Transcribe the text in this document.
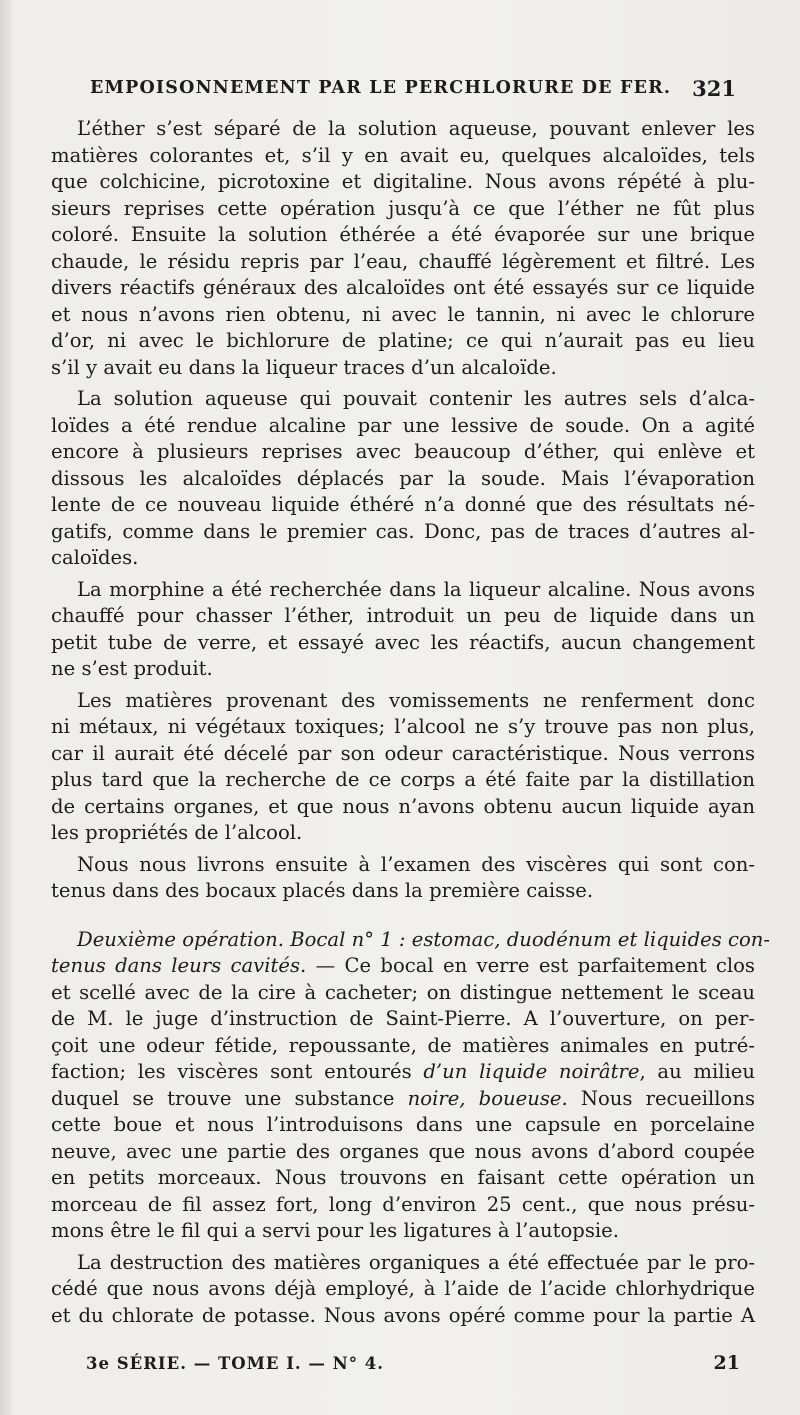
EMPOISONNEMENT PAR LE PERCHLORURE DE FER. 321

L’éther s’est séparé de la solution aqueuse, pouvant enlever les
matières colorantes et, s’il y en avait eu, quelques alcaloïdes, tels
que colchicine, picrotoxine et digitaline. Nous avons répété à plu-
sieurs reprises cette opération jusqu’à ce que l’éther ne fût plus
coloré. Ensuite la solution éthérée a été évaporée sur une brique
chaude, le résidu repris par l’eau, chauffé légèrement et filtré. Les
divers réactifs généraux des alcaloïdes ont été essayés sur ce liquide
et nous n’avons rien obtenu, ni avec le tannin, ni avec le chlorure
d’or, ni avec le bichlorure de platine; ce qui n’aurait pas eu lieu
s’il y avait eu dans la liqueur traces d’un alcaloïde.

La solution aqueuse qui pouvait contenir les autres sels d’alca-
loïdes a été rendue alcaline par une lessive de soude. On a agité
encore à plusieurs reprises avec beaucoup d’éther, qui enlève et
dissous les alcaloïdes déplacés par la soude. Mais l’évaporation
lente de ce nouveau liquide éthéré n’a donné que des résultats né-
gatifs, comme dans le premier cas. Donc, pas de traces d’autres al-
caloïdes.

La morphine a été recherchée dans la liqueur alcaline. Nous avons
chauffé pour chasser l’éther, introduit un peu de liquide dans un
petit tube de verre, et essayé avec les réactifs, aucun changement
ne s’est produit.

Les matières provenant des vomissements ne renferment donc
ni métaux, ni végétaux toxiques; l’alcool ne s’y trouve pas non plus,
car il aurait été décelé par son odeur caractéristique. Nous verrons
plus tard que la recherche de ce corps a été faite par la distillation
de certains organes, et que nous n’avons obtenu aucun liquide ayan
les propriétés de l’alcool.

Nous nous livrons ensuite à l’examen des viscères qui sont con-
tenus dans des bocaux placés dans la première caisse.

Deuxième opération. Bocal n° 1 : estomac, duodénum et liquides con-
tenus dans leurs cavités. — Ce bocal en verre est parfaitement clos
et scellé avec de la cire à cacheter; on distingue nettement le sceau
de M. le juge d’instruction de Saint-Pierre. A l’ouverture, on per-
çoit une odeur fétide, repoussante, de matières animales en putré-
faction; les viscères sont entourés d’un liquide noirâtre, au milieu
duquel se trouve une substance noire, boueuse. Nous recueillons
cette boue et nous l’introduisons dans une capsule en porcelaine
neuve, avec une partie des organes que nous avons d’abord coupée
en petits morceaux. Nous trouvons en faisant cette opération un
morceau de fil assez fort, long d’environ 25 cent., que nous présu-
mons être le fil qui a servi pour les ligatures à l’autopsie.

La destruction des matières organiques a été effectuée par le pro-
cédé que nous avons déjà employé, à l’aide de l’acide chlorhydrique
et du chlorate de potasse. Nous avons opéré comme pour la partie A

3e SÉRIE. — TOME I. — N° 4.	21
